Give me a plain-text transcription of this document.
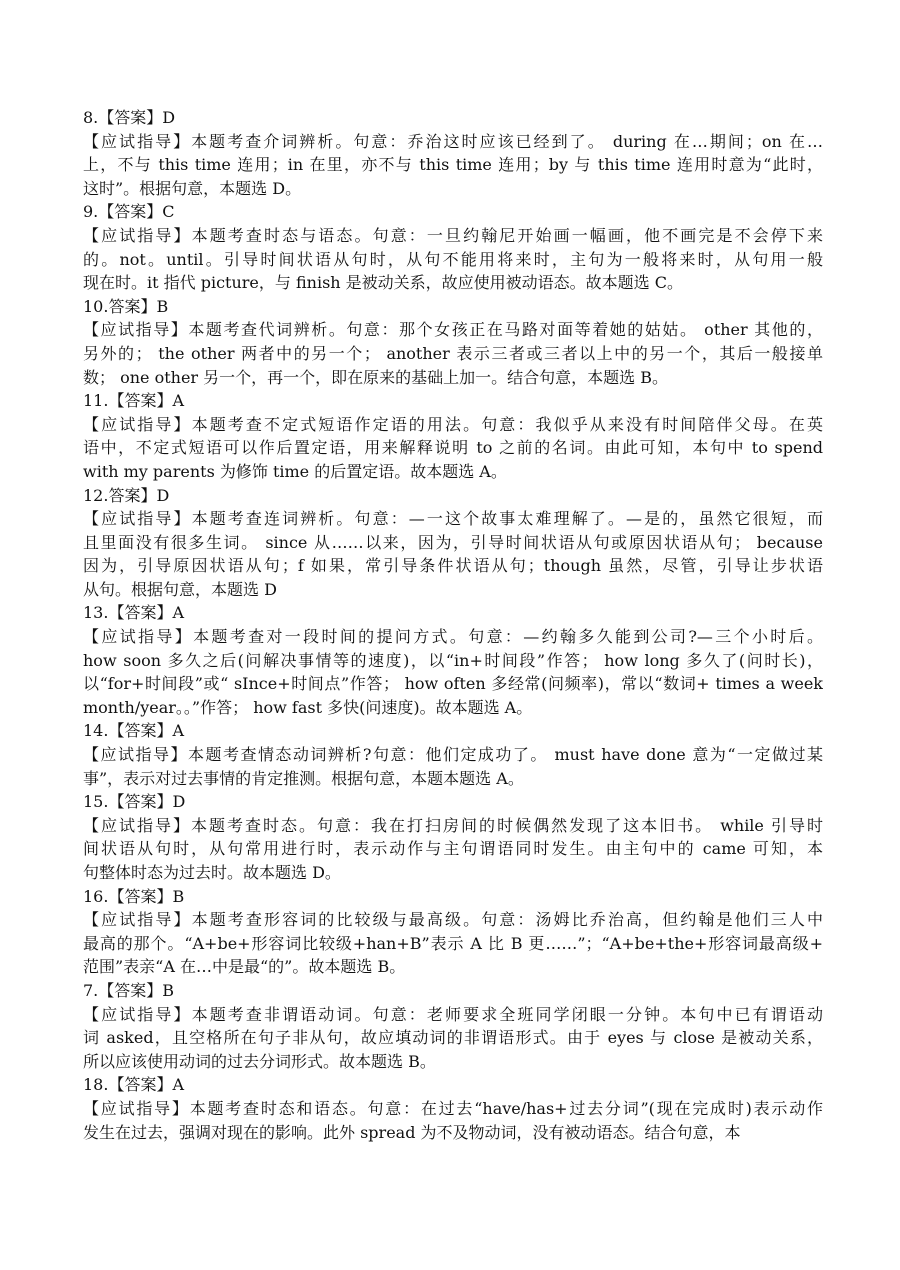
8.【答案】D
【应试指导】本题考查介词辨析。句意：乔治这时应该已经到了。 during 在…期间；on 在…
上，不与 this time 连用；in 在里，亦不与 this time 连用；by 与 this time 连用时意为“此时，
这时”。根据句意，本题选 D。
9.【答案】C
【应试指导】本题考查时态与语态。句意：一旦约翰尼开始画一幅画，他不画完是不会停下来
的。not。until。引导时间状语从句时，从句不能用将来时，主句为一般将来时，从句用一般
现在时。it 指代 picture，与 finish 是被动关系，故应使用被动语态。故本题选 C。
10.答案】B
【应试指导】本题考查代词辨析。句意：那个女孩正在马路对面等着她的姑姑。 other 其他的，
另外的； the other 两者中的另一个； another 表示三者或三者以上中的另一个，其后一般接单
数； one other 另一个，再一个，即在原来的基础上加一。结合句意，本题选 B。
11.【答案】A
【应试指导】本题考查不定式短语作定语的用法。句意：我似乎从来没有时间陪伴父母。在英
语中，不定式短语可以作后置定语，用来解释说明 to 之前的名词。由此可知，本句中 to spend
with my parents 为修饰 time 的后置定语。故本题选 A。
12.答案】D
【应试指导】本题考查连词辨析。句意：—一这个故事太难理解了。—是的，虽然它很短，而
且里面没有很多生词。 since 从……以来，因为，引导时间状语从句或原因状语从句； because
因为，引导原因状语从句；f 如果，常引导条件状语从句；though 虽然，尽管，引导让步状语
从句。根据句意，本题选 D
13.【答案】A
【应试指导】本题考查对一段时间的提问方式。句意：—约翰多久能到公司?—三个小时后。
how soon 多久之后(问解决事情等的速度)，以“in+时间段”作答； how long 多久了(问时长)，
以“for+时间段”或“ sInce+时间点”作答； how often 多经常(问频率)，常以“数词+ times a week
month/year。。”作答； how fast 多快(问速度)。故本题选 A。
14.【答案】A
【应试指导】本题考查情态动词辨析?句意：他们定成功了。 must have done 意为“一定做过某
事”，表示对过去事情的肯定推测。根据句意，本题本题选 A。
15.【答案】D
【应试指导】本题考查时态。句意：我在打扫房间的时候偶然发现了这本旧书。 while 引导时
间状语从句时，从句常用进行时，表示动作与主句谓语同时发生。由主句中的 came 可知，本
句整体时态为过去时。故本题选 D。
16.【答案】B
【应试指导】本题考查形容词的比较级与最高级。句意：汤姆比乔治高，但约翰是他们三人中
最高的那个。“A+be+形容词比较级+han+B”表示 A 比 B 更……”；“A+be+the+形容词最高级+
范围”表亲“A 在…中是最“的”。故本题选 B。
7.【答案】B
【应试指导】本题考查非谓语动词。句意：老师要求全班同学闭眼一分钟。本句中已有谓语动
词 asked，且空格所在句子非从句，故应填动词的非谓语形式。由于 eyes 与 close 是被动关系，
所以应该使用动词的过去分词形式。故本题选 B。
18.【答案】A
【应试指导】本题考查时态和语态。句意：在过去“have/has+过去分词”(现在完成时)表示动作
发生在过去，强调对现在的影响。此外 spread 为不及物动词，没有被动语态。结合句意，本
